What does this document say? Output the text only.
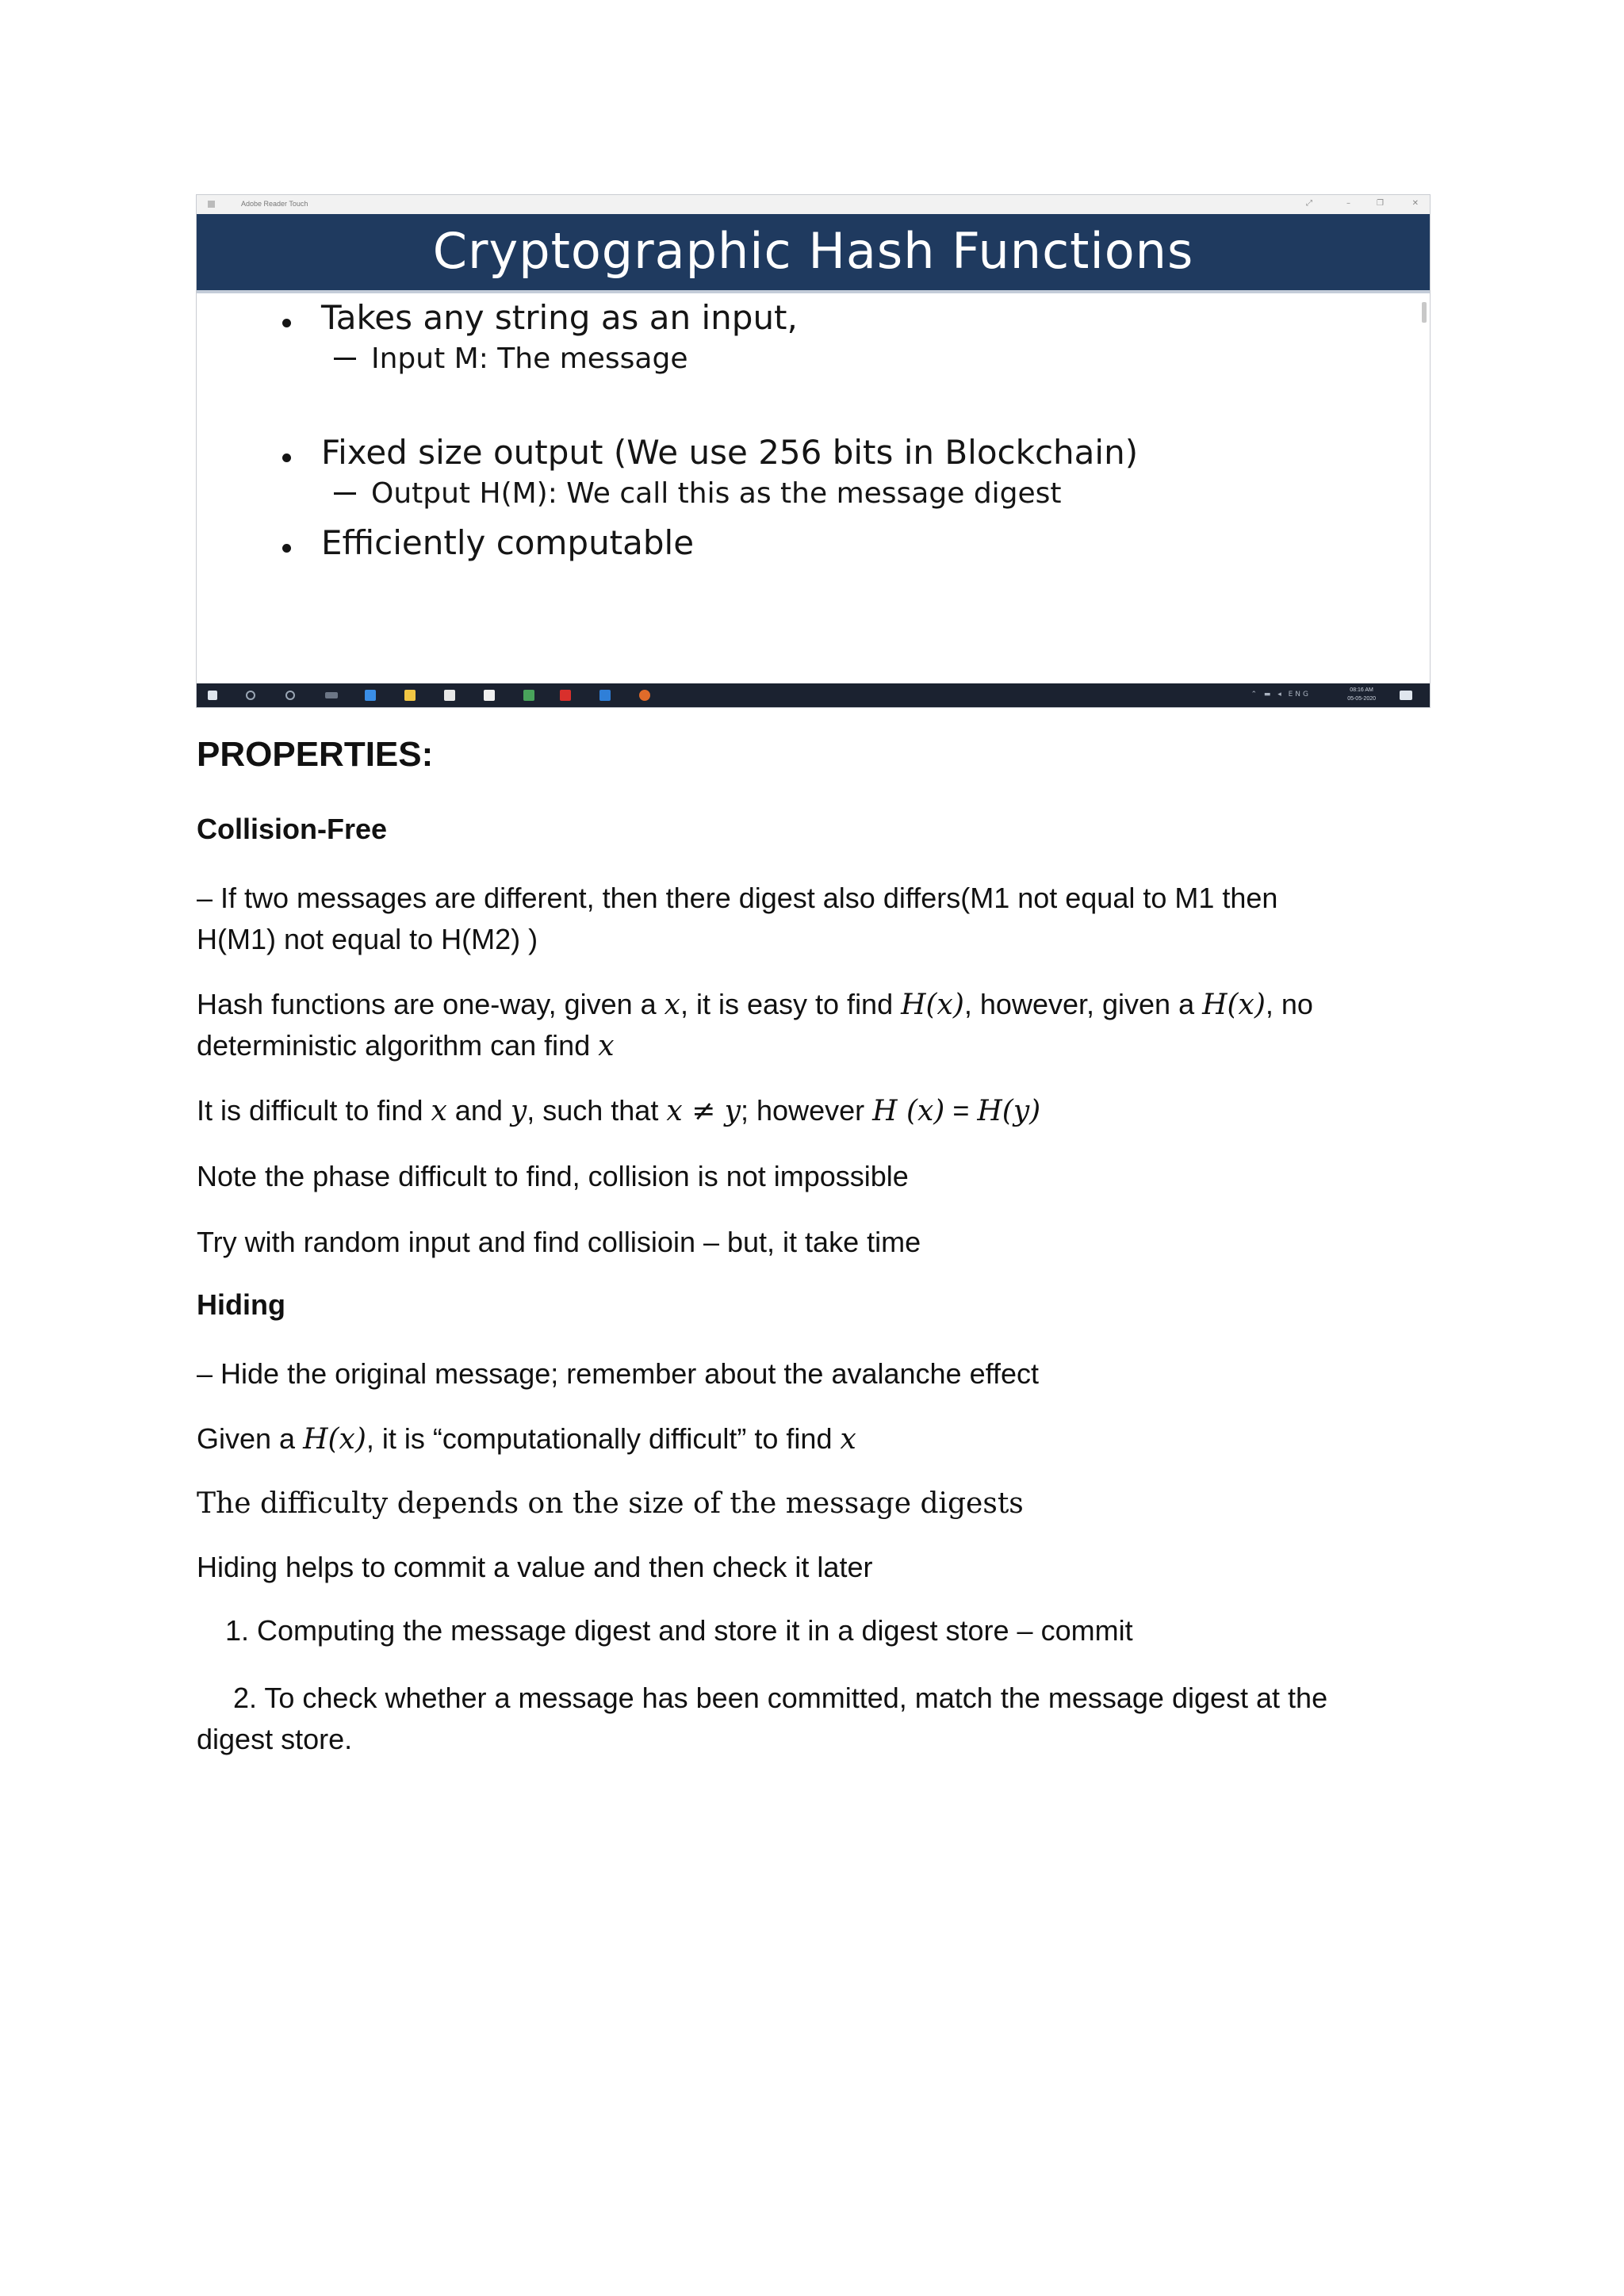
Adobe Reader Touch	⤢	–	❐	✕
Cryptographic Hash Functions
Takes any string as an input,
Input M: The message
Fixed size output (We use 256 bits in Blockchain)
Output H(M): We call this as the message digest
Efficiently computable
⌃ ▬ ◂ ENG
08:16 AM
05-05-2020
PROPERTIES:
Collision-Free
– If two messages are different, then there digest also differs(M1 not equal to M1 then
H(M1) not equal to H(M2) )
Hash functions are one-way, given a x, it is easy to find H(x), however, given a H(x), no
deterministic algorithm can find x
It is difficult to find x and y, such that x ≠ y; however H (x) = H(y)
Note the phase difficult to find, collision is not impossible
Try with random input and find collisioin – but, it take time
Hiding
– Hide the original message; remember about the avalanche effect
Given a H(x), it is “computationally difficult” to find x
The difficulty depends on the size of the message digests
Hiding helps to commit a value and then check it later
1. Computing the message digest and store it in a digest store – commit
2. To check whether a message has been committed, match the message digest at the
digest store.
